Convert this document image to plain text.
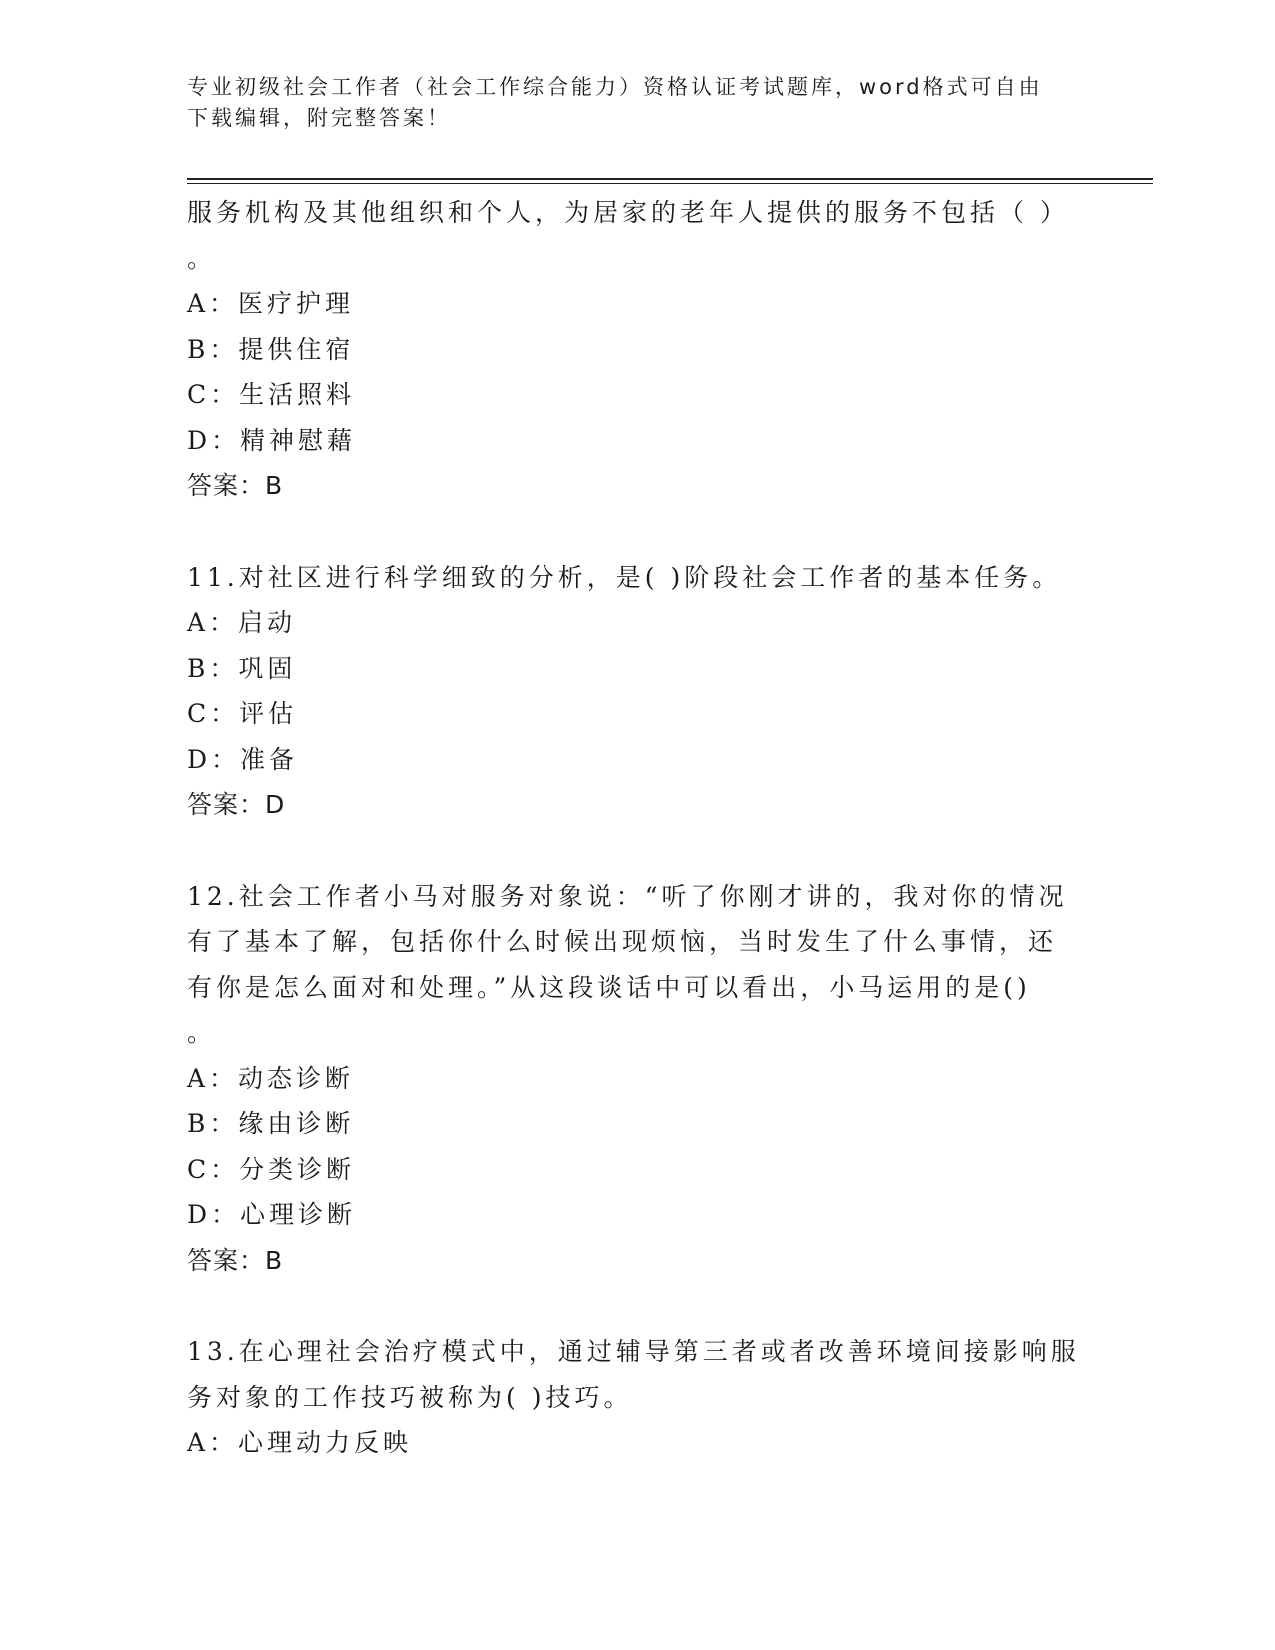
专业初级社会工作者（社会工作综合能力）资格认证考试题库，word格式可自由
下载编辑，附完整答案！
服务机构及其他组织和个人，为居家的老年人提供的服务不包括（ ）
。
A：医疗护理
B：提供住宿
C：生活照料
D：精神慰藉
答案：B
11.对社区进行科学细致的分析，是( )阶段社会工作者的基本任务。
A：启动
B：巩固
C：评估
D：准备
答案：D
12.社会工作者小马对服务对象说：“听了你刚才讲的，我对你的情况
有了基本了解，包括你什么时候出现烦恼，当时发生了什么事情，还
有你是怎么面对和处理。”从这段谈话中可以看出，小马运用的是()
。
A：动态诊断
B：缘由诊断
C：分类诊断
D：心理诊断
答案：B
13.在心理社会治疗模式中，通过辅导第三者或者改善环境间接影响服
务对象的工作技巧被称为( )技巧。
A：心理动力反映
